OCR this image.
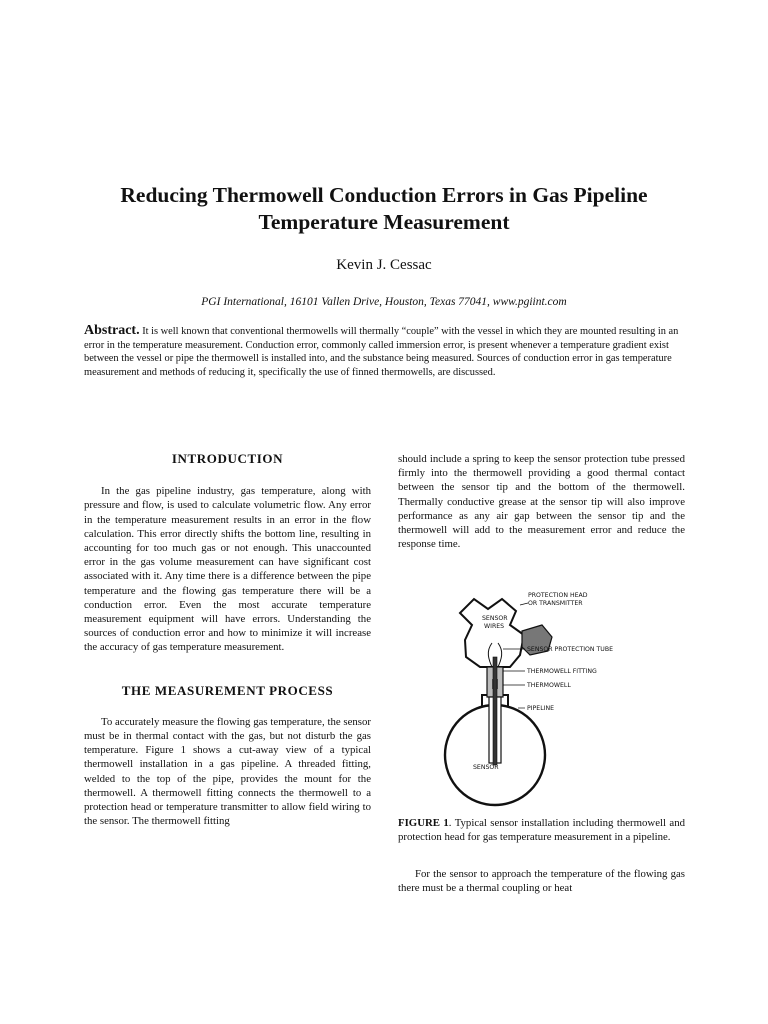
Reducing Thermowell Conduction Errors in Gas Pipeline Temperature Measurement
Kevin J. Cessac
PGI International, 16101 Vallen Drive, Houston, Texas 77041, www.pgiint.com
Abstract. It is well known that conventional thermowells will thermally “couple” with the vessel in which they are mounted resulting in an error in the temperature measurement. Conduction error, commonly called immersion error, is present whenever a temperature gradient exist between the vessel or pipe the thermowell is installed into, and the substance being measured. Sources of conduction error in gas temperature measurement and methods of reducing it, specifically the use of finned thermowells, are discussed.
INTRODUCTION

In the gas pipeline industry, gas temperature, along with pressure and flow, is used to calculate volumetric flow. Any error in the temperature measurement results in an error in the flow calculation. This error directly shifts the bottom line, resulting in accounting for too much gas or not enough. This unaccounted error in the gas volume measurement can have significant cost associated with it. Any time there is a difference between the pipe temperature and the flowing gas temperature there will be a conduction error. Even the most accurate temperature measurement equipment will have errors. Understanding the sources of conduction error and how to minimize it will increase the accuracy of gas temperature measurement.

THE MEASUREMENT PROCESS

To accurately measure the flowing gas temperature, the sensor must be in thermal contact with the gas, but not disturb the gas temperature. Figure 1 shows a cut-away view of a typical thermowell installation in a gas pipeline. A threaded fitting, welded to the top of the pipe, provides the mount for the thermowell. A thermowell fitting connects the thermowell to a protection head or temperature transmitter to allow field wiring to the sensor. The thermowell fitting

should include a spring to keep the sensor protection tube pressed firmly into the thermowell providing a good thermal contact between the sensor tip and the bottom of the thermowell. Thermally conductive grease at the sensor tip will also improve performance as any air gap between the sensor tip and the thermowell will add to the measurement error and reduce the response time.

PROTECTION HEAD
OR TRANSMITTER
SENSOR
WIRES
SENSOR PROTECTION TUBE
THERMOWELL FITTING
THERMOWELL
PIPELINE
SENSOR
FIGURE 1. Typical sensor installation including thermowell and protection head for gas temperature measurement in a pipeline.

For the sensor to approach the temperature of the flowing gas there must be a thermal coupling or heat
